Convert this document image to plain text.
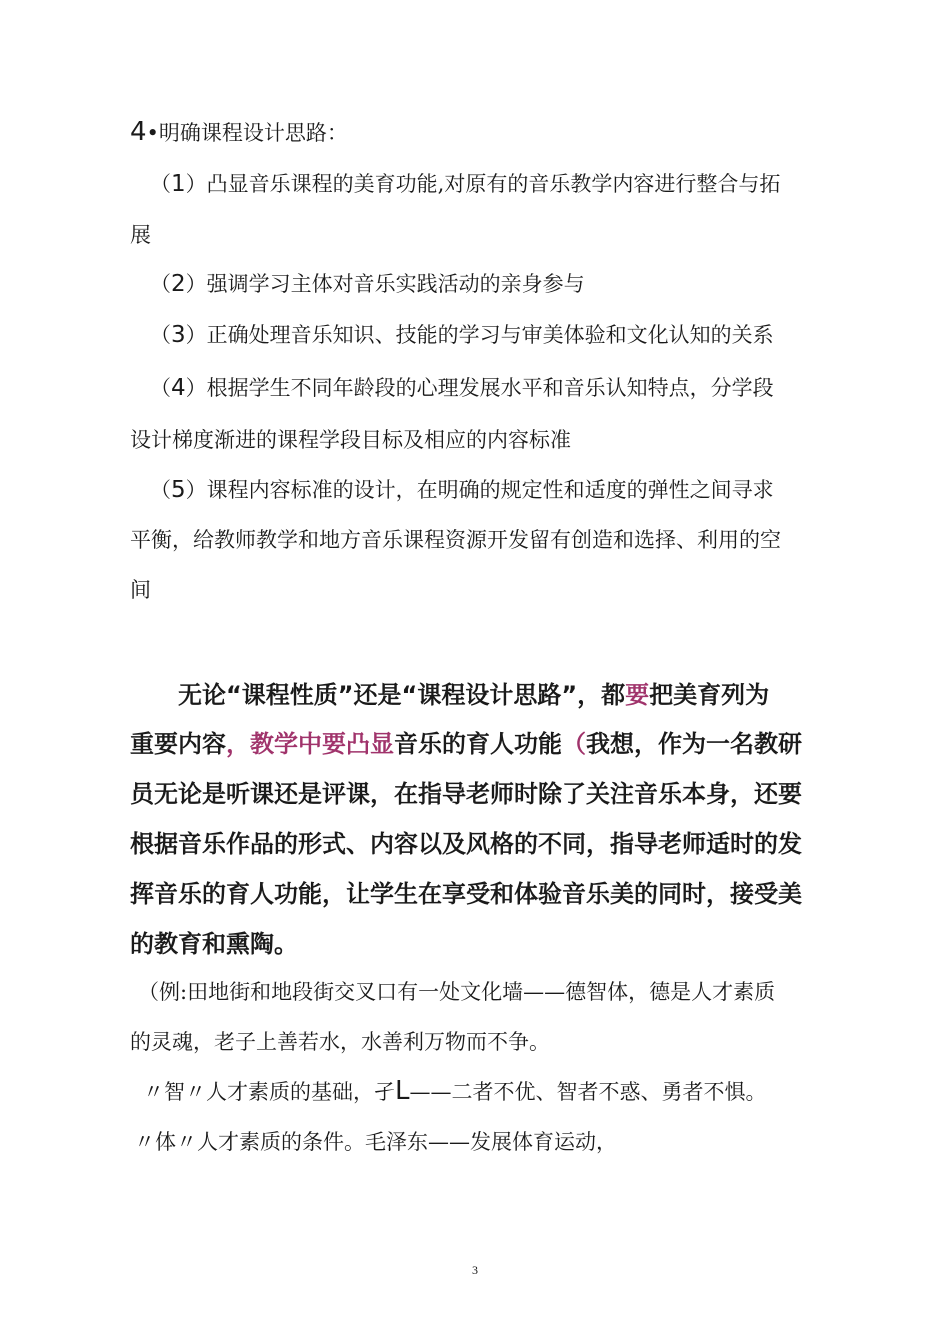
4•明确课程设计思路：
（1）凸显音乐课程的美育功能,对原有的音乐教学内容进行整合与拓
展
（2）强调学习主体对音乐实践活动的亲身参与
（3）正确处理音乐知识、技能的学习与审美体验和文化认知的关系
（4）根据学生不同年龄段的心理发展水平和音乐认知特点，分学段
设计梯度渐进的课程学段目标及相应的内容标准
（5）课程内容标准的设计，在明确的规定性和适度的弹性之间寻求
平衡，给教师教学和地方音乐课程资源开发留有创造和选择、利用的空
间
无论“课程性质”还是“课程设计思路”，都要把美育列为
重要内容，教学中要凸显音乐的育人功能（我想，作为一名教研
员无论是听课还是评课，在指导老师时除了关注音乐本身，还要
根据音乐作品的形式、内容以及风格的不同，指导老师适时的发
挥音乐的育人功能，让学生在享受和体验音乐美的同时，接受美
的教育和熏陶。
（例:田地街和地段街交叉口有一处文化墙——德智体，德是人才素质
的灵魂，老子上善若水，水善利万物而不争。
〃智〃人才素质的基础，孑L——二者不优、智者不惑、勇者不惧。
〃体〃人才素质的条件。毛泽东——发展体育运动，
3
